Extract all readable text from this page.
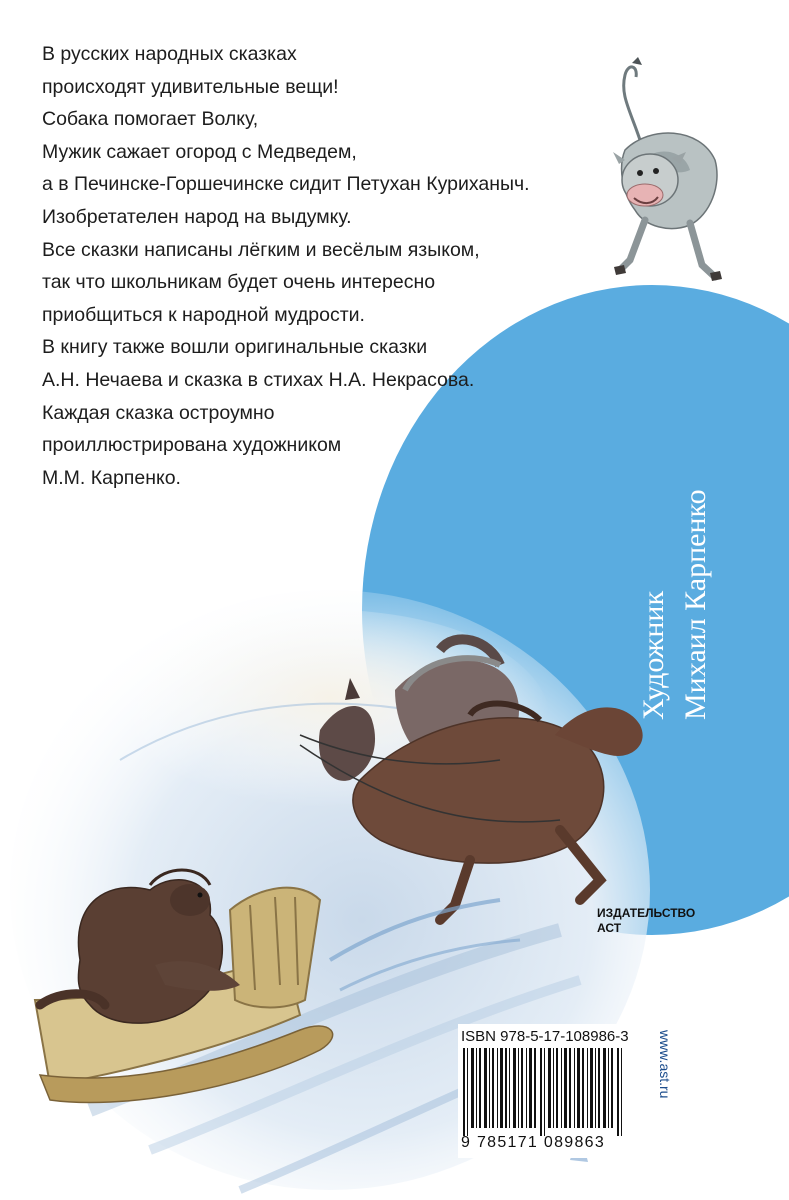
В русских народных сказках
происходят удивительные вещи!
Собака помогает Волку,
Мужик сажает огород с Медведем,
а в Печинске-Горшечинске сидит Петухан Куриханыч.
Изобретателен народ на выдумку.
Все сказки написаны лёгким и весёлым языком,
так что школьникам будет очень интересно
приобщиться к народной мудрости.
В книгу также вошли оригинальные сказки
А.Н. Нечаева и сказка в стихах Н.А. Некрасова.
Каждая сказка остроумно
проиллюстрирована художником
М.М. Карпенко.
Художник Михаил Карпенко
ИЗДАТЕЛЬСТВО
АСТ
ISBN 978-5-17-108986-3
9 785171 089863
www.ast.ru
